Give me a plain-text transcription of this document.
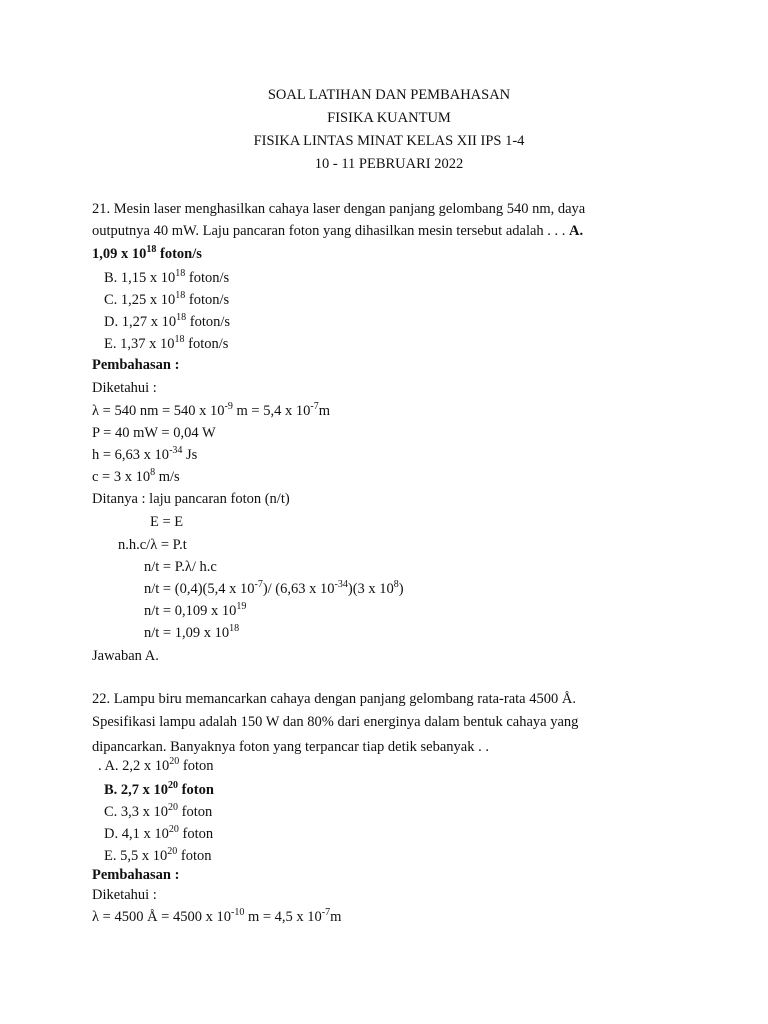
SOAL LATIHAN DAN PEMBAHASAN
FISIKA KUANTUM
FISIKA LINTAS MINAT KELAS XII IPS 1-4
10 - 11 PEBRUARI 2022
21. Mesin laser menghasilkan cahaya laser dengan panjang gelombang 540 nm, daya
outputnya 40 mW. Laju pancaran foton yang dihasilkan mesin tersebut adalah . . . A.
1,09 x $10^{18}$ foton/s
B. 1,15 x $10^{18}$ foton/s
C. 1,25 x $10^{18}$ foton/s
D. 1,27 x $10^{18}$ foton/s
E. 1,37 x $10^{18}$ foton/s
Pembahasan :
Diketahui :
λ = 540 nm = 540 x $10^{-9}$ m = 5,4 x $10^{-7}m$
P = 40 mW = 0,04 W
h = 6,63 x $10^{-34}$ Js
c = 3 x $10^8$ m/s
Ditanya : laju pancaran foton (n/t)
E = E
n.h.c/λ = P.t
n/t = P.λ/ h.c
n/t = (0,4)(5,4 x $10^{-7})/$ (6,63 x $10^{-34})(3$ x $10^8$)
n/t = 0,109 x $10^{19}$
n/t = 1,09 x $10^{18}$
Jawaban A.
22. Lampu biru memancarkan cahaya dengan panjang gelombang rata-rata 4500 Å.
Spesifikasi lampu adalah 150 W dan 80% dari energinya dalam bentuk cahaya yang
dipancarkan. Banyaknya foton yang terpancar tiap detik sebanyak . .
. A. 2,2 x $10^{20}$ foton
B. 2,7 x $10^{20}$ foton
C. 3,3 x $10^{20}$ foton
D. 4,1 x $10^{20}$ foton
E. 5,5 x $10^{20}$ foton
Pembahasan :
Diketahui :
λ = 4500 Å = 4500 x $10^{-10}$ m = 4,5 x $10^{-7}m$
